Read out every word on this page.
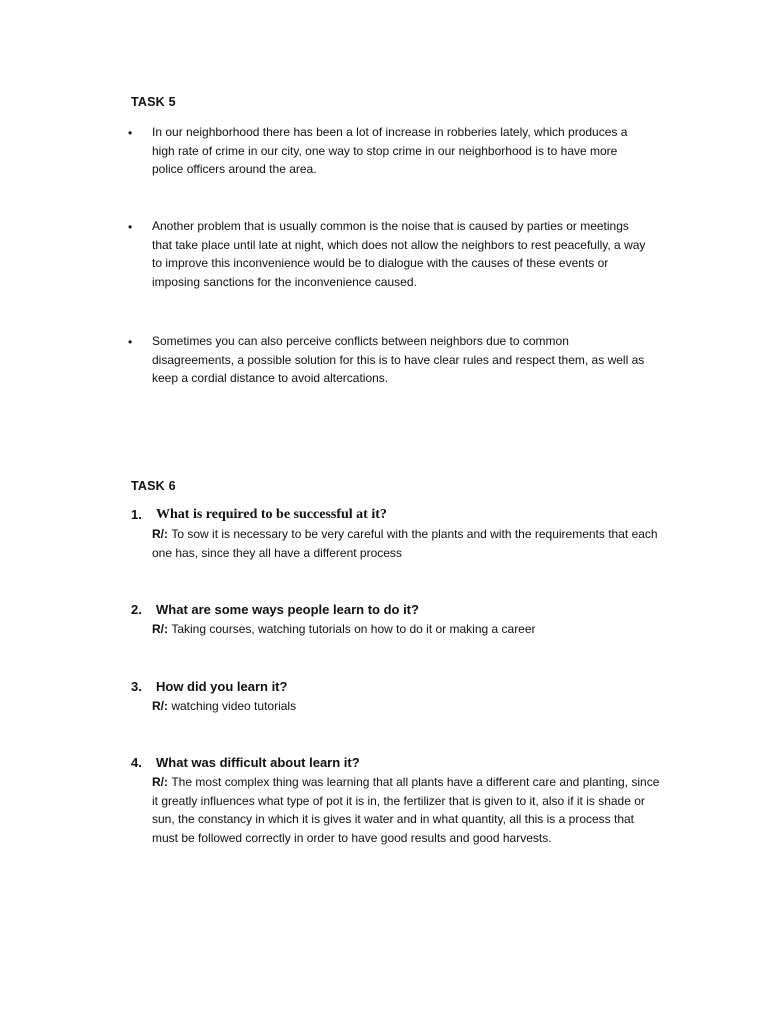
TASK 5
• In our neighborhood there has been a lot of increase in robberies lately, which produces a high rate of crime in our city, one way to stop crime in our neighborhood is to have more police officers around the area.
• Another problem that is usually common is the noise that is caused by parties or meetings that take place until late at night, which does not allow the neighbors to rest peacefully, a way to improve this inconvenience would be to dialogue with the causes of these events or imposing sanctions for the inconvenience caused.
• Sometimes you can also perceive conflicts between neighbors due to common disagreements, a possible solution for this is to have clear rules and respect them, as well as keep a cordial distance to avoid altercations.
TASK 6
1. What is required to be successful at it?
R/: To sow it is necessary to be very careful with the plants and with the requirements that each one has, since they all have a different process
2. What are some ways people learn to do it?
R/: Taking courses, watching tutorials on how to do it or making a career
3. How did you learn it?
R/: watching video tutorials
4. What was difficult about learn it?
R/: The most complex thing was learning that all plants have a different care and planting, since it greatly influences what type of pot it is in, the fertilizer that is given to it, also if it is shade or sun, the constancy in which it is gives it water and in what quantity, all this is a process that must be followed correctly in order to have good results and good harvests.
